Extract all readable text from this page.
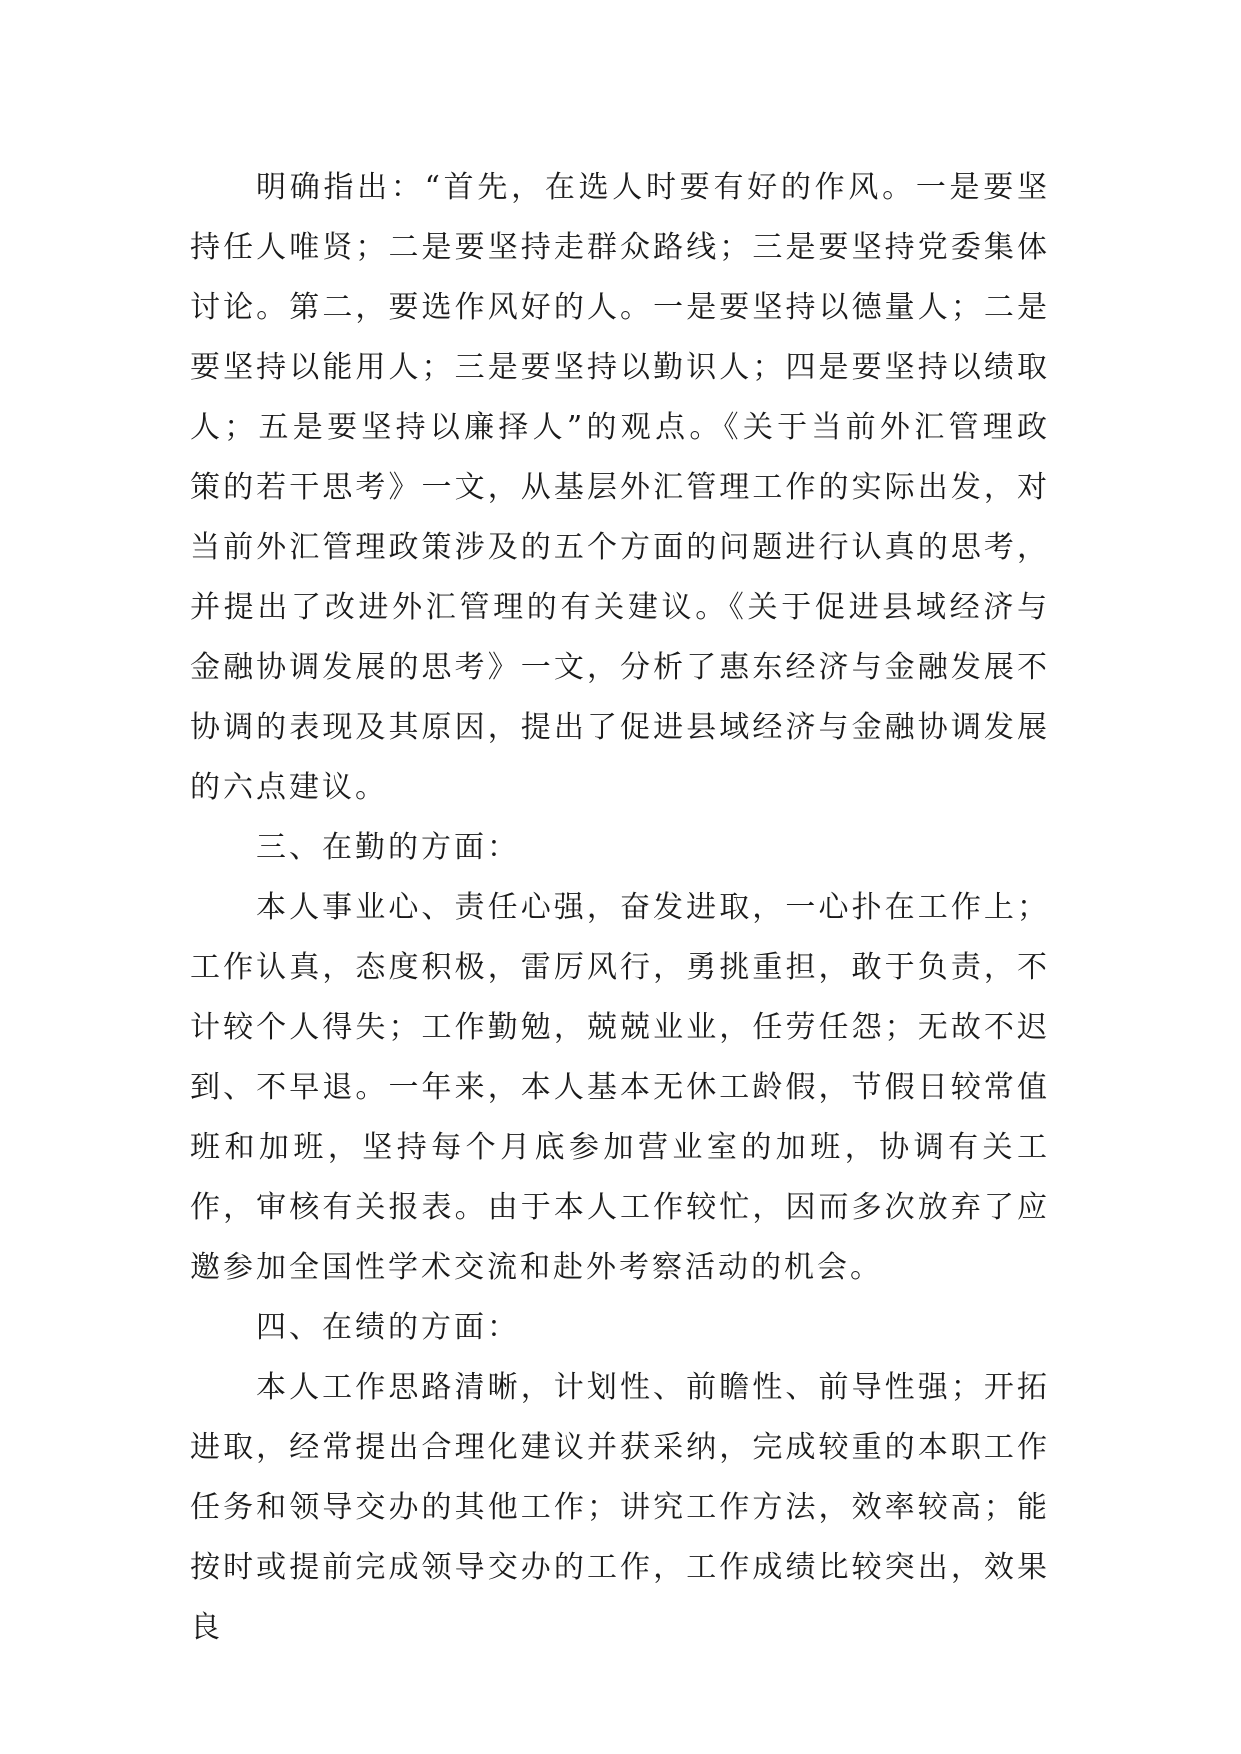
明确指出：“首先，在选人时要有好的作风。一是要坚持任人唯贤；二是要坚持走群众路线；三是要坚持党委集体讨论。第二，要选作风好的人。一是要坚持以德量人；二是要坚持以能用人；三是要坚持以勤识人；四是要坚持以绩取人；五是要坚持以廉择人”的观点。《关于当前外汇管理政策的若干思考》一文，从基层外汇管理工作的实际出发，对当前外汇管理政策涉及的五个方面的问题进行认真的思考，并提出了改进外汇管理的有关建议。《关于促进县域经济与金融协调发展的思考》一文，分析了惠东经济与金融发展不协调的表现及其原因，提出了促进县域经济与金融协调发展的六点建议。

三、在勤的方面：

本人事业心、责任心强，奋发进取，一心扑在工作上；工作认真，态度积极，雷厉风行，勇挑重担，敢于负责，不计较个人得失；工作勤勉，兢兢业业，任劳任怨；无故不迟到、不早退。一年来，本人基本无休工龄假，节假日较常值班和加班，坚持每个月底参加营业室的加班，协调有关工作，审核有关报表。由于本人工作较忙，因而多次放弃了应邀参加全国性学术交流和赴外考察活动的机会。

四、在绩的方面：

本人工作思路清晰，计划性、前瞻性、前导性强；开拓进取，经常提出合理化建议并获采纳，完成较重的本职工作任务和领导交办的其他工作；讲究工作方法，效率较高；能按时或提前完成领导交办的工作，工作成绩比较突出，效果良
